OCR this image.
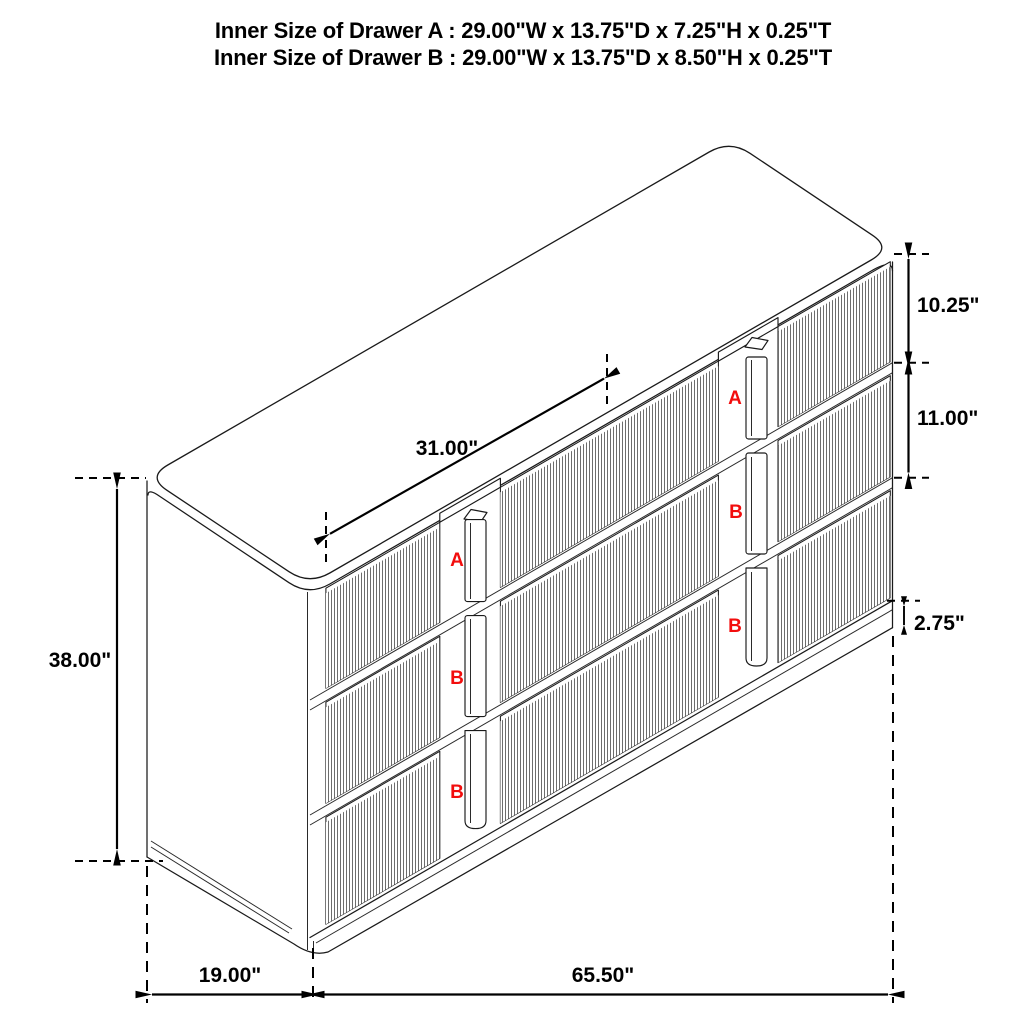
Inner Size of Drawer A : 29.00"W x 13.75"D x 7.25"H x 0.25"T
Inner Size of Drawer B : 29.00"W x 13.75"D x 8.50"H x 0.25"T
A
B
B
A
B
B
31.00"
38.00"
10.25"
11.00"
2.75"
19.00"	65.50"
